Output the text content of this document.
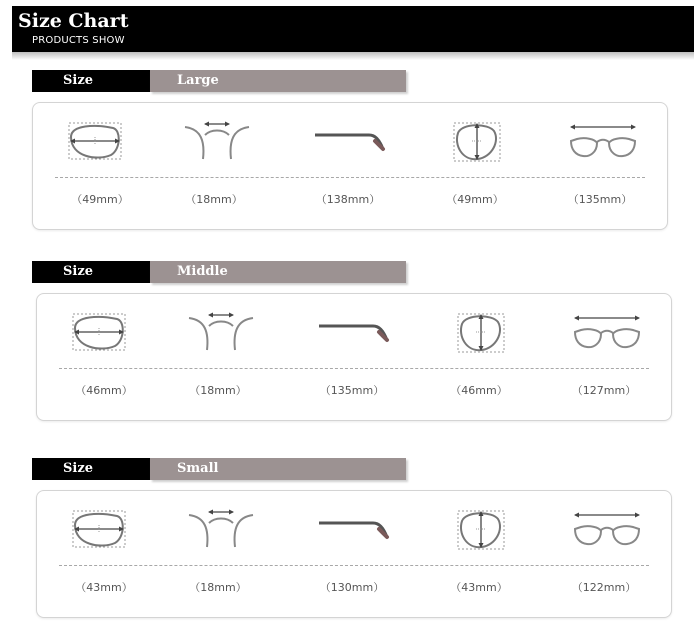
Size Chart
PRODUCTS SHOW
Size	Large
（49mm）	（18mm）	（138mm）	（49mm）	（135mm）
Size	Middle
（46mm）	（18mm）	（135mm）	（46mm）	（127mm）
Size	Small
（43mm）	（18mm）	（130mm）	（43mm）	（122mm）
